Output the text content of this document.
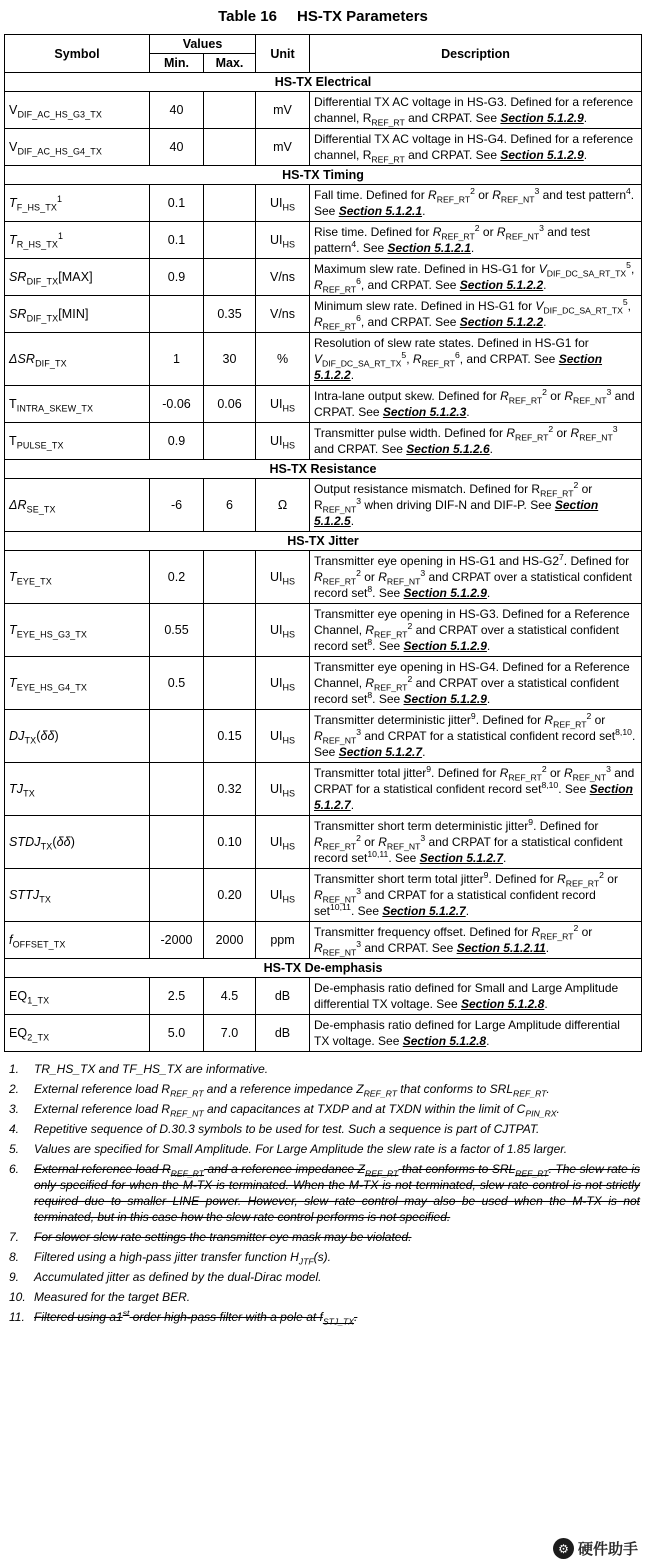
Table 16 HS-TX Parameters
Symbol	Values		Unit	Description
	Min.	Max.		
HS-TX Electrical				
$V_{DIF\_AC\_HS\_G3\_TX}$	40		mV	Differential TX AC voltage in HS-G3. Defined for a reference channel, $R_{REF\_RT}$ and CRPAT. See Section 5.1.2.9.
$V_{DIF\_AC\_HS\_G4\_TX}$	40		mV	Differential TX AC voltage in HS-G4. Defined for a reference channel, $R_{REF\_RT}$ and CRPAT. See Section 5.1.2.9.
HS-TX Timing				
$T_{F\_HS\_TX}^1$	0.1		$UI_{HS}$	Fall time. Defined for $R_{REF\_RT}^2$ or $R_{REF\_NT}^3$ and test pattern$^4$. See Section 5.1.2.1.
$T_{R\_HS\_TX}^1$	0.1		$UI_{HS}$	Rise time. Defined for $R_{REF\_RT}^2$ or $R_{REF\_NT}^3$ and test pattern$^4$. See Section 5.1.2.1.
$SR_{DIF\_TX}[MAX]$	0.9		V/ns	Maximum slew rate. Defined in HS-G1 for $V_{DIF\_DC\_SA\_RT\_TX}^5$, $R_{REF\_RT}^6$, and CRPAT. See Section 5.1.2.2.
$SR_{DIF\_TX}[MIN]$		0.35	V/ns	Minimum slew rate. Defined in HS-G1 for $V_{DIF\_DC\_SA\_RT\_TX}^5$, $R_{REF\_RT}^6$, and CRPAT. See Section 5.1.2.2.
$\Delta SR_{DIF\_TX}$	1	30	%	Resolution of slew rate states. Defined in HS-G1 for $V_{DIF\_DC\_SA\_RT\_TX}^5$, $R_{REF\_RT}^6$, and CRPAT. See Section 5.1.2.2.
$T_{INTRA\_SKEW\_TX}$	-0.06	0.06	$UI_{HS}$	Intra-lane output skew. Defined for $R_{REF\_RT}^2$ or $R_{REF\_NT}^3$ and CRPAT. See Section 5.1.2.3.
$T_{PULSE\_TX}$	0.9		$UI_{HS}$	Transmitter pulse width. Defined for $R_{REF\_RT}^2$ or $R_{REF\_NT}^3$ and CRPAT. See Section 5.1.2.6.
HS-TX Resistance				
$\Delta R_{SE\_TX}$	-6	6	Ω	Output resistance mismatch. Defined for $R_{REF\_RT}^2$ or $R_{REF\_NT}^3$ when driving DIF-N and DIF-P. See Section 5.1.2.5.
HS-TX Jitter				
$T_{EYE\_TX}$	0.2		$UI_{HS}$	Transmitter eye opening in HS-G1 and $HS-G2^7$. Defined for $R_{REF\_RT}^2$ or $R_{REF\_NT}^3$ and CRPAT over a statistical confident record set$^8$. See Section 5.1.2.9.
$T_{EYE\_HS\_G3\_TX}$	0.55		$UI_{HS}$	Transmitter eye opening in HS-G3. Defined for a Reference Channel, $R_{REF\_RT}^2$ and CRPAT over a statistical confident record set$^8$. See Section 5.1.2.9.
$T_{EYE\_HS\_G4\_TX}$	0.5		$UI_{HS}$	Transmitter eye opening in HS-G4. Defined for a Reference Channel, $R_{REF\_RT}^2$ and CRPAT over a statistical confident record set$^8$. See Section 5.1.2.9.
$DJ_{TX}(\delta\delta)$		0.15	$UI_{HS}$	Transmitter deterministic jitter$^9$. Defined for $R_{REF\_RT}^2$ or $R_{REF\_NT}^3$ and CRPAT for a statistical confident record set$^{8,10}$. See Section 5.1.2.7.
$TJ_{TX}$		0.32	$UI_{HS}$	Transmitter total jitter$^9$. Defined for $R_{REF\_RT}^2$ or $R_{REF\_NT}^3$ and CRPAT for a statistical confident record set$^{8,10}$. See Section 5.1.2.7.
$STDJ_{TX}(\delta\delta)$		0.10	$UI_{HS}$	Transmitter short term deterministic jitter$^9$. Defined for $R_{REF\_RT}^2$ or $R_{REF\_NT}^3$ and CRPAT for a statistical confident record set$^{10,11}$. See Section 5.1.2.7.
$STTJ_{TX}$		0.20	$UI_{HS}$	Transmitter short term total jitter$^9$. Defined for $R_{REF\_RT}^2$ or $R_{REF\_NT}^3$ and CRPAT for a statistical confident record set$^{10,11}$. See Section 5.1.2.7.
$f_{OFFSET\_TX}$	-2000	2000	ppm	Transmitter frequency offset. Defined for $R_{REF\_RT}^2$ or $R_{REF\_NT}^3$ and CRPAT. See Section 5.1.2.11.
HS-TX De-emphasis				
$EQ_{1\_TX}$	2.5	4.5	dB	De-emphasis ratio defined for Small and Large Amplitude differential TX voltage. See Section 5.1.2.8.
$EQ_{2\_TX}$	5.0	7.0	dB	De-emphasis ratio defined for Large Amplitude differential TX voltage. See Section 5.1.2.8.
1.	TR_HS_TX and TF_HS_TX are informative.
2.	External reference load $R_{REF\_RT}$ and a reference impedance $Z_{REF\_RT}$ that conforms to $SRL_{REF\_RT}$.
3.	External reference load $R_{REF\_NT}$ and capacitances at TXDP and at TXDN within the limit of $C_{PIN\_RX}$.
4.	Repetitive sequence of D.30.3 symbols to be used for test. Such a sequence is part of CJTPAT.
5.	Values are specified for Small Amplitude. For Large Amplitude the slew rate is a factor of 1.85 larger.
6.	External reference load $R_{REF\_RT}$ and a reference impedance $Z_{REF\_RT}$ that conforms to $SRL_{REF\_RT}$. The slew rate is only specified for when the M-TX is terminated. When the M-TX is not terminated, slew rate control is not strictly required due to smaller LINE power. However, slew rate control may also be used when the M-TX is not terminated, but in this case how the slew rate control performs is not specified.
7.	For slower slew rate settings the transmitter eye mask may be violated.
8.	Filtered using a high-pass jitter transfer function $H_{JTF}(s)$.
9.	Accumulated jitter as defined by the dual-Dirac model.
10. Measured for the target BER.
11. Filtered using a1st order high-pass filter with a pole at $f_{STJ\_TX}$.
⚙ 硬件助手
